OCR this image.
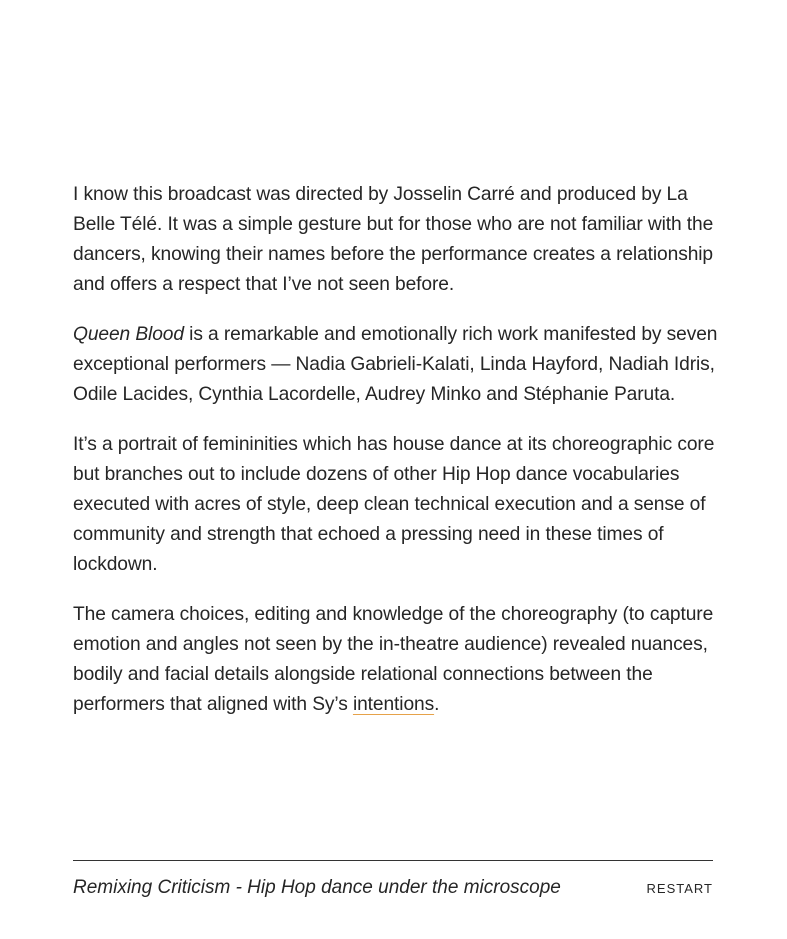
I know this broadcast was directed by Josselin Carré and produced by La Belle Télé. It was a simple gesture but for those who are not familiar with the dancers, knowing their names before the performance creates a relationship and offers a respect that I’ve not seen before.

Queen Blood is a remarkable and emotionally rich work manifested by seven exceptional performers — Nadia Gabrieli-Kalati, Linda Hayford, Nadiah Idris, Odile Lacides, Cynthia Lacordelle, Audrey Minko and Stéphanie Paruta.

It’s a portrait of femininities which has house dance at its choreographic core but branches out to include dozens of other Hip Hop dance vocabularies executed with acres of style, deep clean technical execution and a sense of community and strength that echoed a pressing need in these times of lockdown.

The camera choices, editing and knowledge of the choreography (to capture emotion and angles not seen by the in-theatre audience) revealed nuances, bodily and facial details alongside relational connections between the performers that aligned with Sy’s intentions.

Remixing Criticism - Hip Hop dance under the microscope	RESTART
